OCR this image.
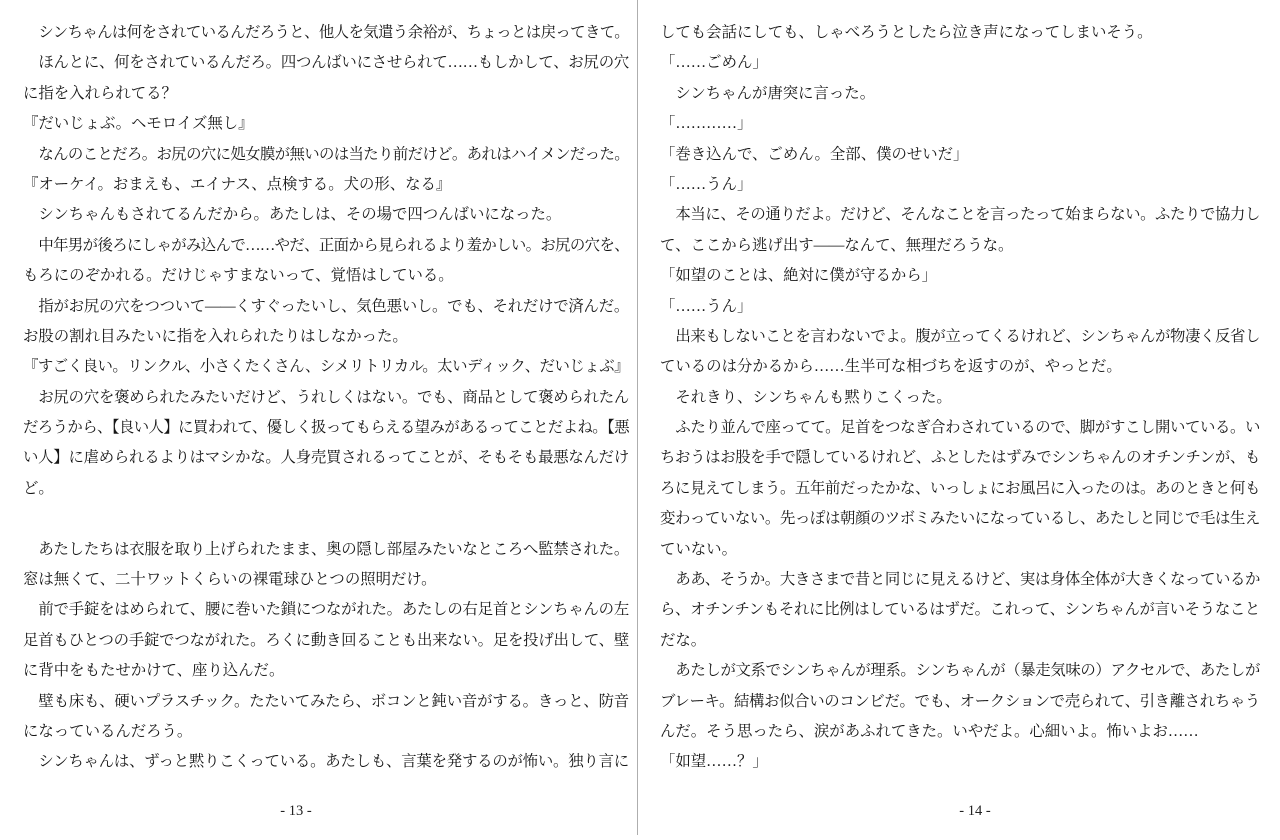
シンちゃんは何をされているんだろうと、他人を気遣う余裕が、ちょっとは戻ってきて。
ほんとに、何をされているんだろ。四つんばいにさせられて……もしかして、お尻の穴
に指を入れられてる？
『だいじょぶ。ヘモロイズ無し』
なんのことだろ。お尻の穴に処女膜が無いのは当たり前だけど。あれはハイメンだった。
『オーケイ。おまえも、エイナス、点検する。犬の形、なる』
シンちゃんもされてるんだから。あたしは、その場で四つんばいになった。
中年男が後ろにしゃがみ込んで……やだ、正面から見られるより羞かしい。お尻の穴を、
もろにのぞかれる。だけじゃすまないって、覚悟はしている。
指がお尻の穴をつついて――くすぐったいし、気色悪いし。でも、それだけで済んだ。
お股の割れ目みたいに指を入れられたりはしなかった。
『すごく良い。リンクル、小さくたくさん、シメリトリカル。太いディック、だいじょぶ』
お尻の穴を褒められたみたいだけど、うれしくはない。でも、商品として褒められたん
だろうから、【良い人】に買われて、優しく扱ってもらえる望みがあるってことだよね。【悪
い人】に虐められるよりはマシかな。人身売買されるってことが、そもそも最悪なんだけ
ど。

あたしたちは衣服を取り上げられたまま、奥の隠し部屋みたいなところへ監禁された。
窓は無くて、二十ワットくらいの裸電球ひとつの照明だけ。
前で手錠をはめられて、腰に巻いた鎖につながれた。あたしの右足首とシンちゃんの左
足首もひとつの手錠でつながれた。ろくに動き回ることも出来ない。足を投げ出して、壁
に背中をもたせかけて、座り込んだ。
壁も床も、硬いプラスチック。たたいてみたら、ボコンと鈍い音がする。きっと、防音
になっているんだろう。
シンちゃんは、ずっと黙りこくっている。あたしも、言葉を発するのが怖い。独り言に
しても会話にしても、しゃべろうとしたら泣き声になってしまいそう。
「……ごめん」
シンちゃんが唐突に言った。
「…………」
「巻き込んで、ごめん。全部、僕のせいだ」
「……うん」
本当に、その通りだよ。だけど、そんなことを言ったって始まらない。ふたりで協力し
て、ここから逃げ出す――なんて、無理だろうな。
「如望のことは、絶対に僕が守るから」
「……うん」
出来もしないことを言わないでよ。腹が立ってくるけれど、シンちゃんが物凄く反省し
ているのは分かるから……生半可な相づちを返すのが、やっとだ。
それきり、シンちゃんも黙りこくった。
ふたり並んで座ってて。足首をつなぎ合わされているので、脚がすこし開いている。い
ちおうはお股を手で隠しているけれど、ふとしたはずみでシンちゃんのオチンチンが、も
ろに見えてしまう。五年前だったかな、いっしょにお風呂に入ったのは。あのときと何も
変わっていない。先っぽは朝顔のツボミみたいになっているし、あたしと同じで毛は生え
ていない。
ああ、そうか。大きさまで昔と同じに見えるけど、実は身体全体が大きくなっているか
ら、オチンチンもそれに比例はしているはずだ。これって、シンちゃんが言いそうなこと
だな。
あたしが文系でシンちゃんが理系。シンちゃんが（暴走気味の）アクセルで、あたしが
ブレーキ。結構お似合いのコンビだ。でも、オークションで売られて、引き離されちゃう
んだ。そう思ったら、涙があふれてきた。いやだよ。心細いよ。怖いよお……
「如望……？」
- 13 -	- 14 -
